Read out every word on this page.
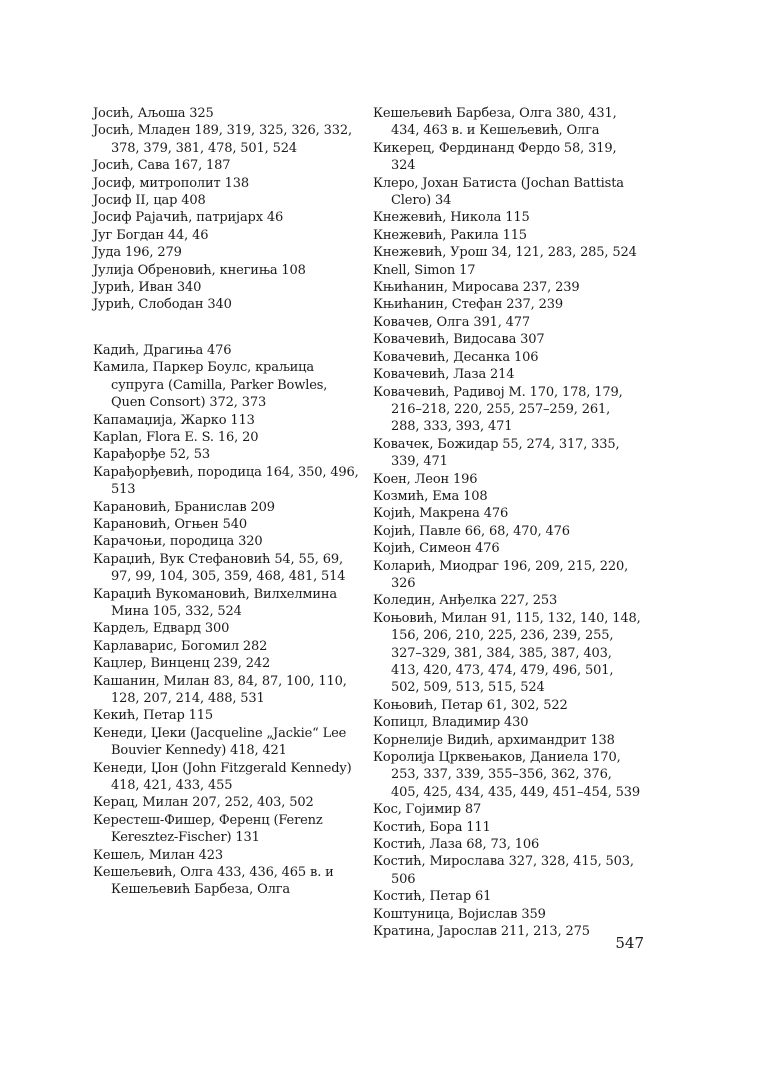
Јосић, Аљоша 325
Јосић, Младен 189, 319, 325, 326, 332, 378, 379, 381, 478, 501, 524
Јосић, Сава 167, 187
Јосиф, митрополит 138
Јосиф II, цар 408
Јосиф Рајачић, патријарх 46
Југ Богдан 44, 46
Јуда 196, 279
Јулија Обреновић, кнегиња 108
Јурић, Иван 340
Јурић, Слободан 340
Кадић, Драгиња 476
Камила, Паркер Боулс, краљица супруга (Camilla, Parker Bowles, Quen Consort) 372, 373
Капамаџија, Жарко 113
Kaplan, Flora E. S. 16, 20
Карађорђе 52, 53
Карађорђевић, породица 164, 350, 496, 513
Карановић, Бранислав 209
Карановић, Огњен 540
Карачоњи, породица 320
Караџић, Вук Стефановић 54, 55, 69, 97, 99, 104, 305, 359, 468, 481, 514
Караџић Вукомановић, Вилхелмина Мина 105, 332, 524
Кардељ, Едвард 300
Карлаварис, Богомил 282
Кацлер, Винценц 239, 242
Кашанин, Милан 83, 84, 87, 100, 110, 128, 207, 214, 488, 531
Кекић, Петар 115
Кенеди, Џеки (Jacqueline „Jackie“ Lee Bouvier Kennedy) 418, 421
Кенеди, Џон (John Fitzgerald Kennedy) 418, 421, 433, 455
Керац, Милан 207, 252, 403, 502
Керестеш-Фишер, Ференц (Ferenz Keresztez-Fischer) 131
Кешељ, Милан 423
Кешељевић, Олга 433, 436, 465 в. и Кешељевић Барбеза, Олга
Кешељевић Барбеза, Олга 380, 431, 434, 463 в. и Кешељевић, Олга
Кикерец, Фердинанд Фердо 58, 319, 324
Клеро, Јохан Батиста (Jochan Battista Clero) 34
Кнежевић, Никола 115
Кнежевић, Ракила 115
Кнежевић, Урош 34, 121, 283, 285, 524
Knell, Simon 17
Књићанин, Миросава 237, 239
Књићанин, Стефан 237, 239
Ковачев, Олга 391, 477
Ковачевић, Видосава 307
Ковачевић, Десанка 106
Ковачевић, Лаза 214
Ковачевић, Радивој М. 170, 178, 179, 216–218, 220, 255, 257–259, 261, 288, 333, 393, 471
Ковачек, Божидар 55, 274, 317, 335, 339, 471
Коен, Леон 196
Козмић, Ема 108
Којић, Макрена 476
Којић, Павле 66, 68, 470, 476
Којић, Симеон 476
Коларић, Миодраг 196, 209, 215, 220, 326
Коледин, Анђелка 227, 253
Коњовић, Милан 91, 115, 132, 140, 148, 156, 206, 210, 225, 236, 239, 255, 327–329, 381, 384, 385, 387, 403, 413, 420, 473, 474, 479, 496, 501, 502, 509, 513, 515, 524
Коњовић, Петар 61, 302, 522
Копицл, Владимир 430
Корнелије Видић, архимандрит 138
Королија Црквењаков, Даниела 170, 253, 337, 339, 355–356, 362, 376, 405, 425, 434, 435, 449, 451–454, 539
Кос, Гојимир 87
Костић, Бора 111
Костић, Лаза 68, 73, 106
Костић, Мирослава 327, 328, 415, 503, 506
Костић, Петар 61
Коштуница, Војислав 359
Кратина, Јарослав 211, 213, 275
547
